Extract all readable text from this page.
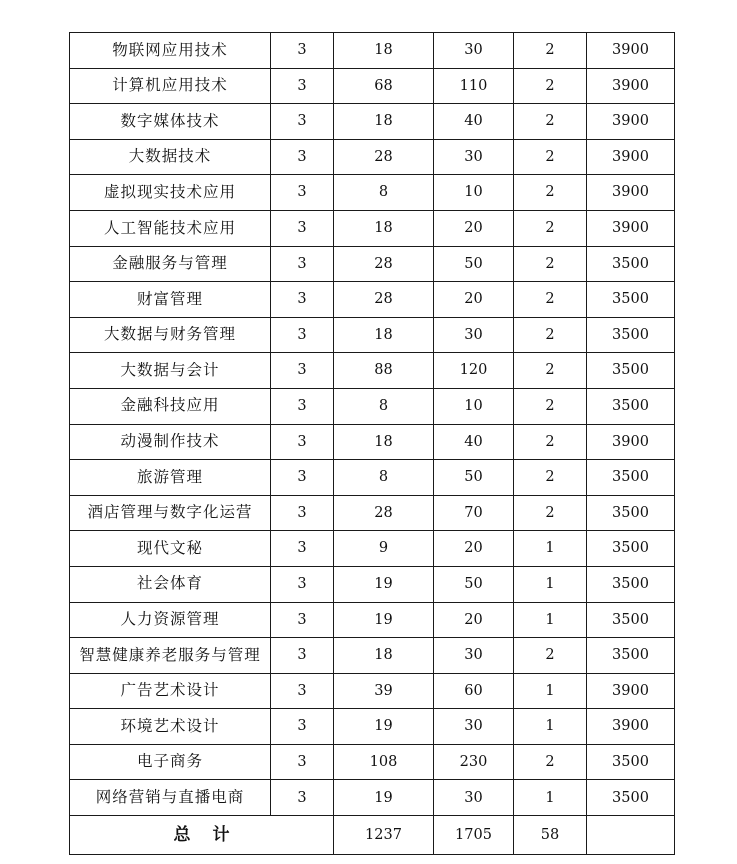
物联网应用技术	3	18	30	2	3900
计算机应用技术	3	68	110	2	3900
数字媒体技术	3	18	40	2	3900
大数据技术	3	28	30	2	3900
虚拟现实技术应用	3	8	10	2	3900
人工智能技术应用	3	18	20	2	3900
金融服务与管理	3	28	50	2	3500
财富管理	3	28	20	2	3500
大数据与财务管理	3	18	30	2	3500
大数据与会计	3	88	120	2	3500
金融科技应用	3	8	10	2	3500
动漫制作技术	3	18	40	2	3900
旅游管理	3	8	50	2	3500
酒店管理与数字化运营	3	28	70	2	3500
现代文秘	3	9	20	1	3500
社会体育	3	19	50	1	3500
人力资源管理	3	19	20	1	3500
智慧健康养老服务与管理	3	18	30	2	3500
广告艺术设计	3	39	60	1	3900
环境艺术设计	3	19	30	1	3900
电子商务	3	108	230	2	3500
网络营销与直播电商	3	19	30	1	3500
总计		1237	1705	58	
